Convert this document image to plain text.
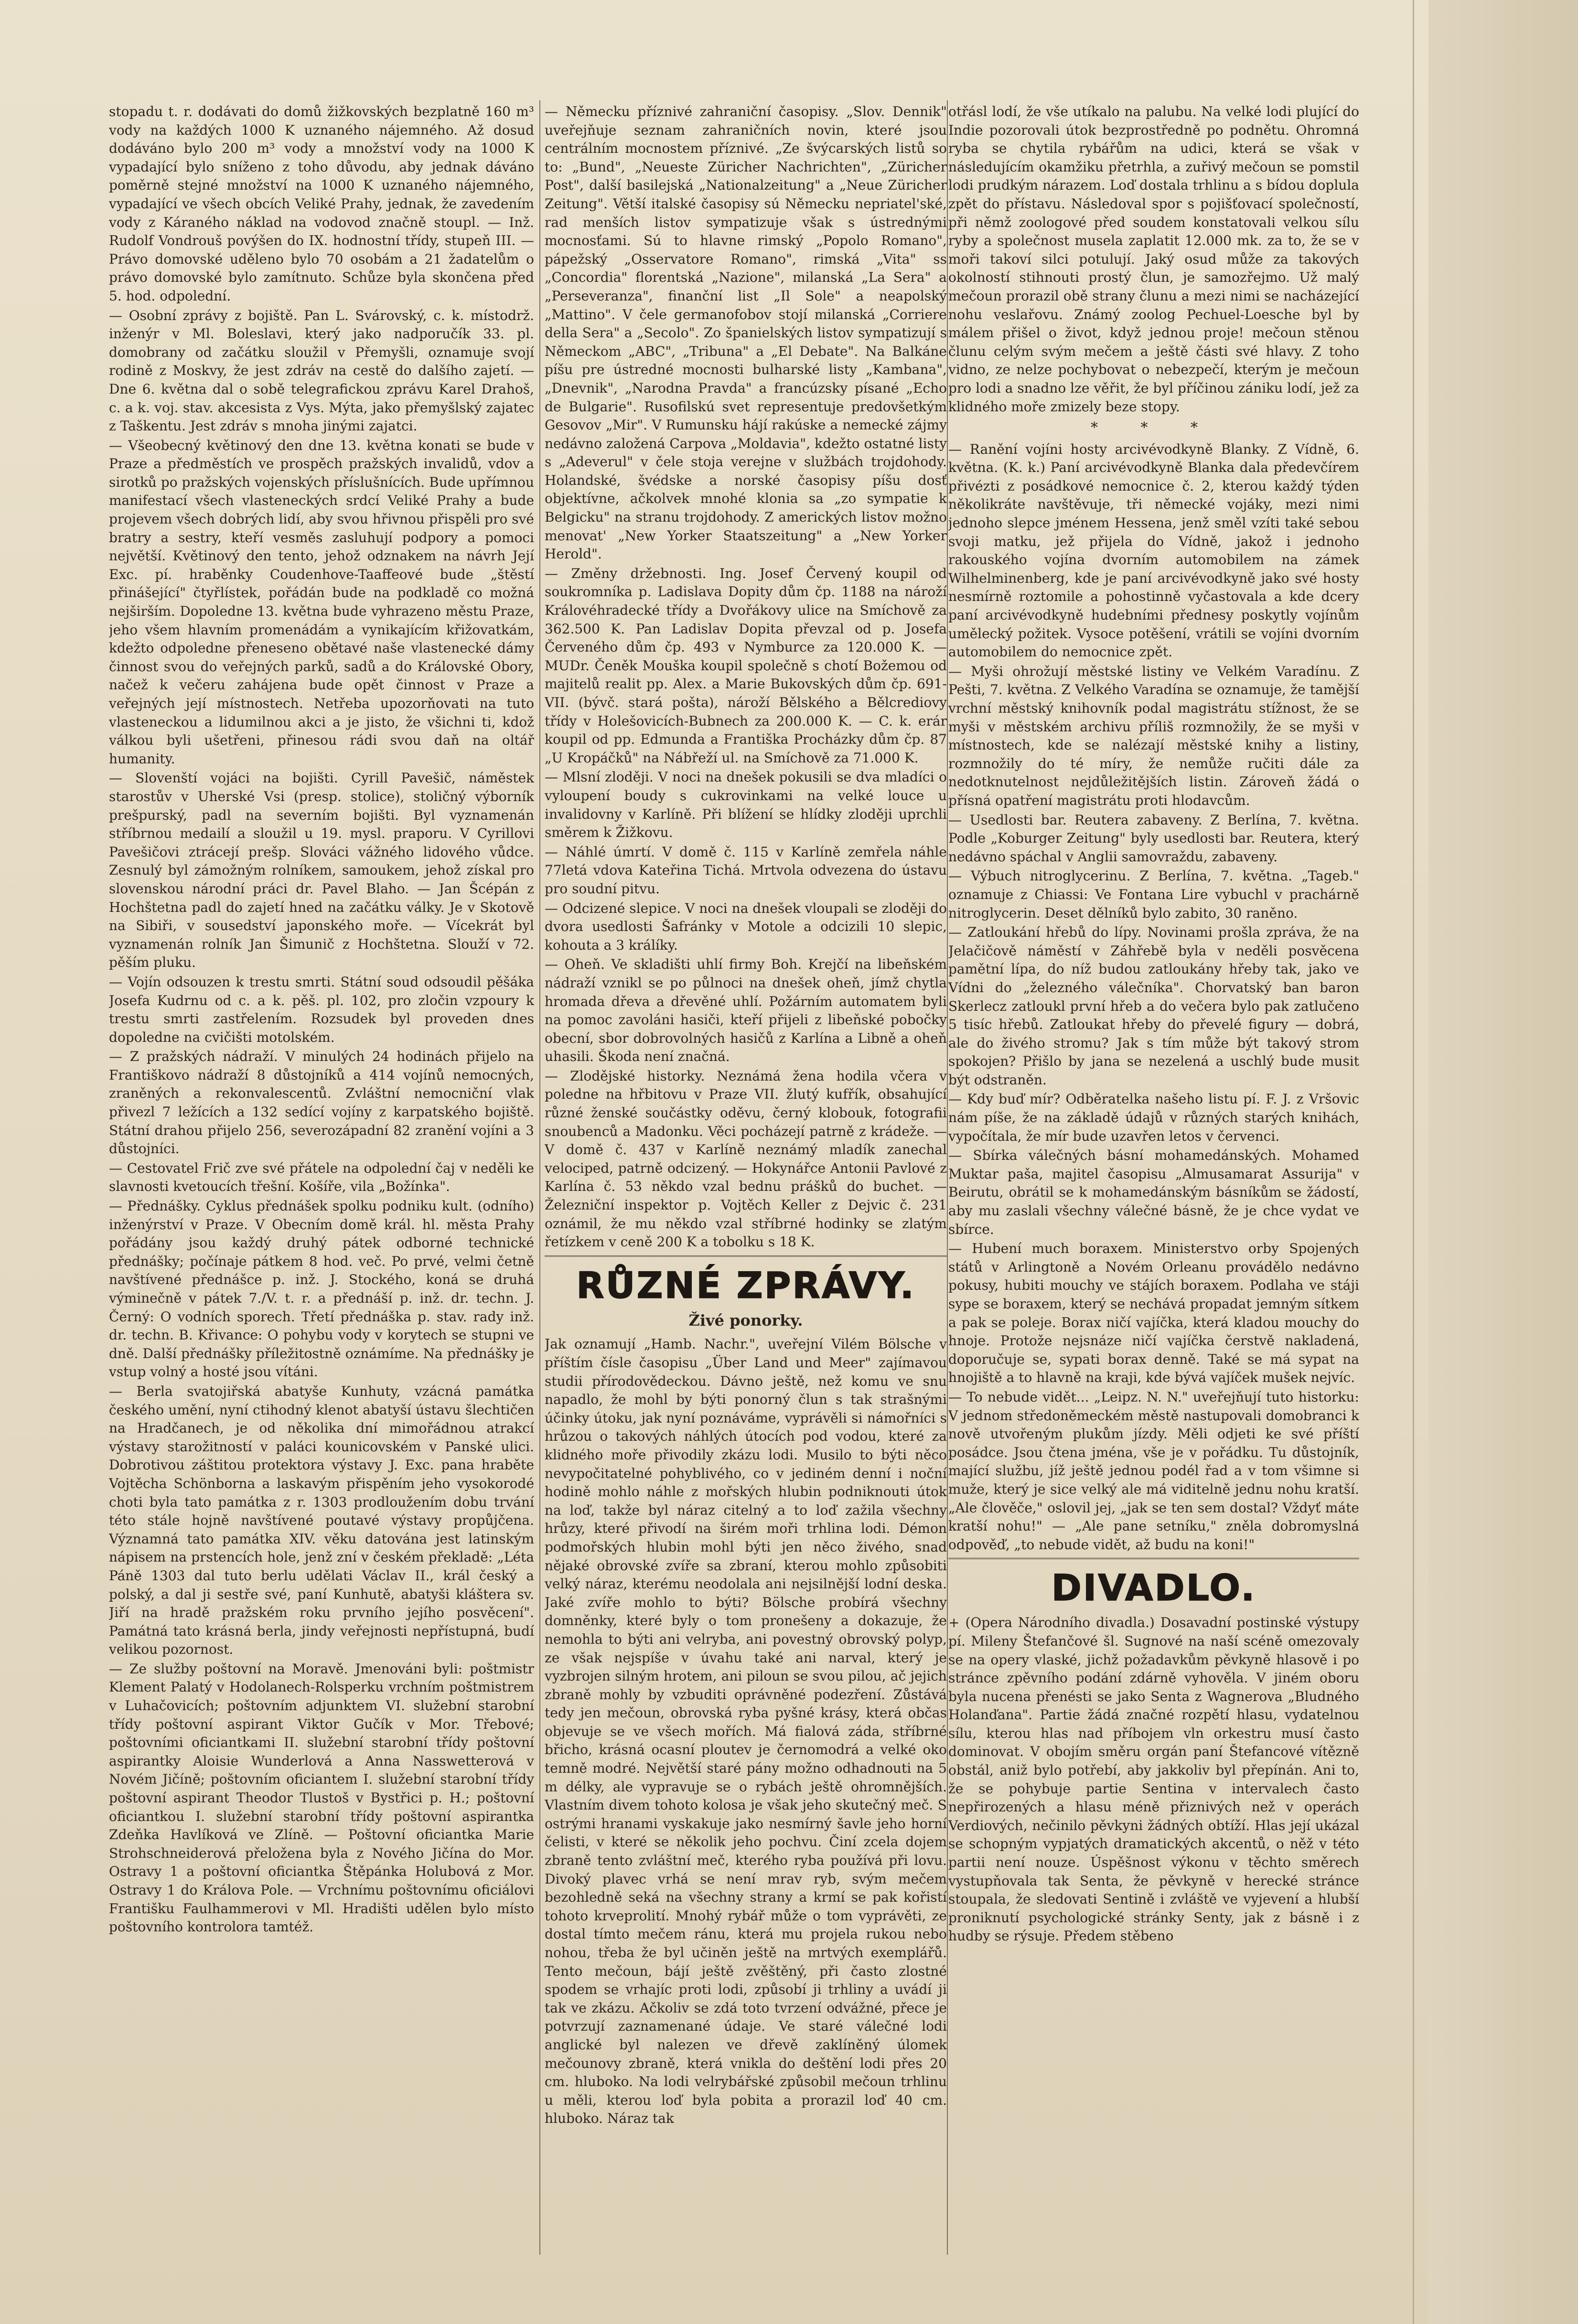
stopadu t. r. dodávati do domů žižkovských bezplatně 160 m³ vody na každých 1000 K uznaného nájemného. Až dosud dodáváno bylo 200 m³ vody a množství vody na 1000 K vypadající bylo sníženo z toho důvodu, aby jednak dáváno poměrně stejné množství na 1000 K uznaného nájemného, vypadající ve všech obcích Veliké Prahy, jednak, že zavedením vody z Káraného náklad na vodovod značně stoupl. — Inž. Rudolf Vondrouš povýšen do IX. hodnostní třídy, stupeň III. — Právo domovské uděleno bylo 70 osobám a 21 žadatelům o právo domovské bylo zamítnuto. Schůze byla skončena před 5. hod. odpolední.

— Osobní zprávy z bojiště. Pan L. Svárovský, c. k. místodrž. inženýr v Ml. Boleslavi, který jako nadporučík 33. pl. domobrany od začátku sloužil v Přemyšli, oznamuje svojí rodině z Moskvy, že jest zdráv na cestě do dalšího zajetí. — Dne 6. května dal o sobě telegrafickou zprávu Karel Drahoš, c. a k. voj. stav. akcesista z Vys. Mýta, jako přemyšlský zajatec z Taškentu. Jest zdráv s mnoha jinými zajatci.

— Všeobecný květinový den dne 13. května konati se bude v Praze a předměstích ve prospěch pražských invalidů, vdov a sirotků po pražských vojenských příslušnících. Bude upřímnou manifestací všech vlasteneckých srdcí Veliké Prahy a bude projevem všech dobrých lidí, aby svou hřivnou přispěli pro své bratry a sestry, kteří vesměs zasluhují podpory a pomoci největší. Květinový den tento, jehož odznakem na návrh Její Exc. pí. hraběnky Coudenhove-Taaffeové bude „štěstí přinášející" čtyřlístek, pořádán bude na podkladě co možná nejširším. Dopoledne 13. května bude vyhrazeno městu Praze, jeho všem hlavním promenádám a vynikajícím křižovatkám, kdežto odpoledne přeneseno obětavé naše vlastenecké dámy činnost svou do veřejných parků, sadů a do Královské Obory, načež k večeru zahájena bude opět činnost v Praze a veřejných její místnostech. Netřeba upozorňovati na tuto vlasteneckou a lidumilnou akci a je jisto, že všichni ti, kdož válkou byli ušetřeni, přinesou rádi svou daň na oltář humanity.

— Slovenští vojáci na bojišti. Cyrill Pavešič, náměstek starostův v Uherské Vsi (presp. stolice), stoličný výborník prešpurský, padl na severním bojišti. Byl vyznamenán stříbrnou medailí a sloužil u 19. mysl. praporu. V Cyrillovi Pavešičovi ztrácejí prešp. Slováci vážného lidového vůdce. Zesnulý byl zámožným rolníkem, samoukem, jehož získal pro slovenskou národní práci dr. Pavel Blaho. — Jan Šcépán z Hochštetna padl do zajetí hned na začátku války. Je v Skotově na Sibiři, v sousedství japonského moře. — Vícekrát byl vyznamenán rolník Jan Šimunič z Hochštetna. Slouží v 72. pěším pluku.

— Vojín odsouzen k trestu smrti. Státní soud odsoudil pěšáka Josefa Kudrnu od c. a k. pěš. pl. 102, pro zločin vzpoury k trestu smrti zastřelením. Rozsudek byl proveden dnes dopoledne na cvičišti motolském.

— Z pražských nádraží. V minulých 24 hodinách přijelo na Františkovo nádraží 8 důstojníků a 414 vojínů nemocných, zraněných a rekonvalescentů. Zvláštní nemocniční vlak přivezl 7 ležících a 132 sedící vojíny z karpatského bojiště. Státní drahou přijelo 256, severozápadní 82 zranění vojíni a 3 důstojníci.

— Cestovatel Frič zve své přátele na odpolední čaj v neděli ke slavnosti kvetoucích třešní. Košíře, vila „Božínka".

— Přednášky. Cyklus přednášek spolku podniku kult. (odního) inženýrství v Praze. V Obecním domě král. hl. města Prahy pořádány jsou každý druhý pátek odborné technické přednášky; počínaje pátkem 8 hod. več. Po prvé, velmi četně navštívené přednášce p. inž. J. Stockého, koná se druhá výminečně v pátek 7./V. t. r. a přednáší p. inž. dr. techn. J. Černý: O vodních sporech. Třetí přednáška p. stav. rady inž. dr. techn. B. Křivance: O pohybu vody v korytech se stupni ve dně. Další přednášky příležitostně oznámíme. Na přednášky je vstup volný a hosté jsou vítáni.

— Berla svatojiřská abatyše Kunhuty, vzácná památka českého umění, nyní ctihodný klenot abatyší ústavu šlechtičen na Hradčanech, je od několika dní mimořádnou atrakcí výstavy starožitností v paláci kounicovském v Panské ulici. Dobrotivou záštitou protektora výstavy J. Exc. pana hraběte Vojtěcha Schönborna a laskavým přispěním jeho vysokorodé choti byla tato památka z r. 1303 prodloužením dobu trvání této stále hojně navštívené poutavé výstavy propůjčena. Významná tato památka XIV. věku datována jest latinským nápisem na prstencích hole, jenž zní v českém překladě: „Léta Páně 1303 dal tuto berlu udělati Václav II., král český a polský, a dal ji sestře své, paní Kunhutě, abatyši kláštera sv. Jiří na hradě pražském roku prvního jejího posvěcení". Památná tato krásná berla, jindy veřejnosti nepřístupná, budí velikou pozornost.

— Ze služby poštovní na Moravě. Jmenováni byli: poštmistr Klement Palatý v Hodolanech-Rolsperku vrchním poštmistrem v Luhačovicích; poštovním adjunktem VI. služební starobní třídy poštovní aspirant Viktor Gučík v Mor. Třebové; poštovními oficiantkami II. služební starobní třídy poštovní aspirantky Aloisie Wunderlová a Anna Nasswetterová v Novém Jičíně; poštovním oficiantem I. služební starobní třídy poštovní aspirant Theodor Tlustoš v Bystřici p. H.; poštovní oficiantkou I. služební starobní třídy poštovní aspirantka Zdeňka Havlíková ve Zlíně. — Poštovní oficiantka Marie Strohschneiderová přeložena byla z Nového Jičína do Mor. Ostravy 1 a poštovní oficiantka Štěpánka Holubová z Mor. Ostravy 1 do Králova Pole. — Vrchnímu poštovnímu oficiálovi Františku Faulhammerovi v Ml. Hradišti udělen bylo místo poštovního kontrolora tamtéž.

— Německu příznivé zahraniční časopisy. „Slov. Dennik" uveřejňuje seznam zahraničních novin, které jsou centrálním mocnostem příznivé. „Ze švýcarských listů so to: „Bund", „Neueste Züricher Nachrichten", „Züricher Post", další basilejská „Nationalzeitung" a „Neue Züricher Zeitung". Větší italské časopisy sú Německu nepriatel'ské, rad menších listov sympatizuje však s ústrednými mocnosťami. Sú to hlavne rimský „Popolo Romano", pápežský „Osservatore Romano", rimská „Vita" ss „Concordia" florentská „Nazione", milanská „La Sera" a „Perseveranza", finanční list „Il Sole" a neapolský „Mattino". V čele germanofobov stojí milanská „Corriere della Sera" a „Secolo". Zo španielských listov sympatizují s Německom „ABC", „Tribuna" a „El Debate". Na Balkáne píšu pre ústredné mocnosti bulharské listy „Kambana", „Dnevnik", „Narodna Pravda" a francúzsky písané „Echo de Bulgarie". Rusofilskú svet representuje predovšetkým Gesovov „Mir". V Rumunsku hájí rakúske a nemecké zájmy nedávno založená Carpova „Moldavia", kdežto ostatné listy s „Adeverul" v čele stoja verejne v službách trojdohody. Holandské, švédske a norské časopisy píšu dosť objektívne, ačkolvek mnohé klonia sa „zo sympatie k Belgicku" na stranu trojdohody. Z amerických listov možno menovat' „New Yorker Staatszeitung" a „New Yorker Herold".

— Změny držebnosti. Ing. Josef Červený koupil od soukromníka p. Ladislava Dopity dům čp. 1188 na nároží Královéhradecké třídy a Dvořákovy ulice na Smíchově za 362.500 K. Pan Ladislav Dopita převzal od p. Josefa Červeného dům čp. 493 v Nymburce za 120.000 K. — MUDr. Čeněk Mouška koupil společně s chotí Božemou od majitelů realit pp. Alex. a Marie Bukovských dům čp. 691-VII. (bývč. stará pošta), nároží Bělského a Bělcrediovy třídy v Holešovicích-Bubnech za 200.000 K. — C. k. erár koupil od pp. Edmunda a Františka Procházky dům čp. 87 „U Kropáčků" na Nábřeží ul. na Smíchově za 71.000 K.

— Mlsní zloději. V noci na dnešek pokusili se dva mladíci o vyloupení boudy s cukrovinkami na velké louce u invalidovny v Karlíně. Při blížení se hlídky zloději uprchli směrem k Žižkovu.

— Náhlé úmrtí. V domě č. 115 v Karlíně zemřela náhle 77letá vdova Kateřina Tichá. Mrtvola odvezena do ústavu pro soudní pitvu.

— Odcizené slepice. V noci na dnešek vloupali se zloději do dvora usedlosti Šafránky v Motole a odcizili 10 slepic, kohouta a 3 králíky.

— Oheň. Ve skladišti uhlí firmy Boh. Krejčí na libeňském nádraží vznikl se po půlnoci na dnešek oheň, jímž chytla hromada dřeva a dřevěné uhlí. Požárním automatem byli na pomoc zavoláni hasiči, kteří přijeli z libeňské pobočky obecní, sbor dobrovolných hasičů z Karlína a Libně a oheň uhasili. Škoda není značná.

— Zlodějské historky. Neznámá žena hodila včera v poledne na hřbitovu v Praze VII. žlutý kufřík, obsahující různé ženské součástky oděvu, černý klobouk, fotografii snoubenců a Madonku. Věci pocházejí patrně z krádeže. — V domě č. 437 v Karlíně neznámý mladík zanechal velociped, patrně odcizený. — Hokynářce Antonii Pavlové z Karlína č. 53 někdo vzal bednu prášků do buchet. — Železniční inspektor p. Vojtěch Keller z Dejvic č. 231 oznámil, že mu někdo vzal stříbrné hodinky se zlatým řetízkem v ceně 200 K a tobolku s 18 K.

RŮZNÉ ZPRÁVY.
Živé ponorky.

Jak oznamují „Hamb. Nachr.", uveřejní Vilém Bölsche v příštím čísle časopisu „Über Land und Meer" zajímavou studii přírodovědeckou. Dávno ještě, než komu ve snu napadlo, že mohl by býti ponorný člun s tak strašnými účinky útoku, jak nyní poznáváme, vyprávěli si námořníci s hrůzou o takových náhlých útocích pod vodou, které za klidného moře přivodily zkázu lodi. Musilo to býti něco nevypočitatelné pohyblivého, co v jediném denní i noční hodině mohlo náhle z mořských hlubin podniknouti útok na loď, takže byl náraz citelný a to loď zažila všechny hrůzy, které přivodí na širém moři trhlina lodi. Démon podmořských hlubin mohl býti jen něco živého, snad nějaké obrovské zvíře sa zbraní, kterou mohlo způsobiti velký náraz, kterému neodolala ani nejsilnější lodní deska. Jaké zvíře mohlo to býti? Bölsche probírá všechny domněnky, které byly o tom pronešeny a dokazuje, že nemohla to býti ani velryba, ani povestný obrovský polyp, ze však nejspíše v úvahu také ani narval, který je vyzbrojen silným hrotem, ani piloun se svou pilou, ač jejich zbraně mohly by vzbuditi oprávněné podezření. Zůstává tedy jen mečoun, obrovská ryba pyšné krásy, která občas objevuje se ve všech mořích. Má fialová záda, stříbrné břicho, krásná ocasní ploutev je černomodrá a velké oko temně modré. Největší staré pány možno odhadnouti na 5 m délky, ale vypravuje se o rybách ještě ohromnějších. Vlastním divem tohoto kolosa je však jeho skutečný meč. S ostrými hranami vyskakuje jako nesmírný šavle jeho horní čelisti, v které se několik jeho pochvu. Činí zcela dojem zbraně tento zvláštní meč, kterého ryba používá při lovu. Divoký plavec vrhá se není mrav ryb, svým mečem bezohledně seká na všechny strany a krmí se pak kořistí tohoto krveprolití. Mnohý rybář může o tom vyprávěti, ze dostal tímto mečem ránu, která mu projela rukou nebo nohou, třeba že byl učiněn ještě na mrtvých exemplářů. Tento mečoun, bájí ještě zvěštěný, při často zlostné spodem se vrhajíc proti lodi, způsobí ji trhliny a uvádí ji tak ve zkázu. Ačkoliv se zdá toto tvrzení odvážné, přece je potvrzují zaznamenané údaje. Ve staré válečné lodi anglické byl nalezen ve dřevě zaklíněný úlomek mečounovy zbraně, která vnikla do deštění lodi přes 20 cm. hluboko. Na lodi velrybářské způsobil mečoun trhlinu u měli, kterou loď byla pobita a prorazil loď 40 cm. hluboko. Náraz tak

otřásl lodí, že vše utíkalo na palubu. Na velké lodi plující do Indie pozorovali útok bezprostředně po podnětu. Ohromná ryba se chytila rybářům na udici, která se však v následujícím okamžiku přetrhla, a zuřivý mečoun se pomstil lodi prudkým nárazem. Loď dostala trhlinu a s bídou doplula zpět do přístavu. Následoval spor s pojišťovací společností, při němž zoologové před soudem konstatovali velkou sílu ryby a společnost musela zaplatit 12.000 mk. za to, že se v moři takoví silci potulují. Jaký osud může za takových okolností stihnouti prostý člun, je samozřejmo. Už malý mečoun prorazil obě strany člunu a mezi nimi se nacházející nohu veslařovu. Známý zoolog Pechuel-Loesche byl by málem přišel o život, když jednou proje! mečoun stěnou člunu celým svým mečem a ještě části své hlavy. Z toho vidno, ze nelze pochybovat o nebezpečí, kterým je mečoun pro lodi a snadno lze věřit, že byl příčinou zániku lodí, jež za klidného moře zmizely beze stopy.

* * *

— Ranění vojíni hosty arcivévodkyně Blanky. Z Vídně, 6. května. (K. k.) Paní arcivévodkyně Blanka dala předevčírem přivézti z posádkové nemocnice č. 2, kterou každý týden několikráte navštěvuje, tři německé vojáky, mezi nimi jednoho slepce jménem Hessena, jenž směl vzíti také sebou svoji matku, jež přijela do Vídně, jakož i jednoho rakouského vojína dvorním automobilem na zámek Wilhelminenberg, kde je paní arcivévodkyně jako své hosty nesmírně roztomile a pohostinně vyčastovala a kde dcery paní arcivévodkyně hudebními přednesy poskytly vojínům umělecký požitek. Vysoce potěšení, vrátili se vojíni dvorním automobilem do nemocnice zpět.

— Myši ohrožují městské listiny ve Velkém Varadínu. Z Pešti, 7. května. Z Velkého Varadína se oznamuje, že tamější vrchní městský knihovník podal magistrátu stížnost, že se myši v městském archivu příliš rozmnožily, že se myši v místnostech, kde se nalézají městské knihy a listiny, rozmnožily do té míry, že nemůže ručiti dále za nedotknutelnost nejdůležitějších listin. Zároveň žádá o přísná opatření magistrátu proti hlodavcům.

— Usedlosti bar. Reutera zabaveny. Z Berlína, 7. května. Podle „Koburger Zeitung" byly usedlosti bar. Reutera, který nedávno spáchal v Anglii samovraždu, zabaveny.

— Výbuch nitroglycerinu. Z Berlína, 7. května. „Tageb." oznamuje z Chiassi: Ve Fontana Lire vybuchl v prachárně nitroglycerin. Deset dělníků bylo zabito, 30 raněno.

— Zatloukání hřebů do lípy. Novinami prošla zpráva, že na Jelačičově náměstí v Záhřebě byla v neděli posvěcena pamětní lípa, do níž budou zatloukány hřeby tak, jako ve Vídni do „železného válečníka". Chorvatský ban baron Skerlecz zatloukl první hřeb a do večera bylo pak zatlučeno 5 tisíc hřebů. Zatloukat hřeby do převelé figury — dobrá, ale do živého stromu? Jak s tím může být takový strom spokojen? Přišlo by jana se nezelená a uschlý bude musit být odstraněn.

— Kdy buď mír? Odběratelka našeho listu pí. F. J. z Vršovic nám píše, že na základě údajů v různých starých knihách, vypočítala, že mír bude uzavřen letos v červenci.

— Sbírka válečných básní mohamedánských. Mohamed Muktar paša, majitel časopisu „Almusamarat Assurija" v Beirutu, obrátil se k mohamedánským básníkům se žádostí, aby mu zaslali všechny válečné básně, že je chce vydat ve sbírce.

— Hubení much boraxem. Ministerstvo orby Spojených států v Arlingtoně a Novém Orleanu provádělo nedávno pokusy, hubiti mouchy ve stájích boraxem. Podlaha ve stáji sype se boraxem, který se nechává propadat jemným sítkem a pak se poleje. Borax ničí vajíčka, která kladou mouchy do hnoje. Protože nejsnáze ničí vajíčka čerstvě nakladená, doporučuje se, sypati borax denně. Také se má sypat na hnojiště a to hlavně na kraji, kde bývá vajíček mušek nejvíc.

— To nebude vidět... „Leipz. N. N." uveřejňují tuto historku: V jednom středoněmeckém městě nastupovali domobranci k nově utvořeným plukům jízdy. Měli odjeti ke své příští posádce. Jsou čtena jména, vše je v pořádku. Tu důstojník, mající službu, jíž ještě jednou podél řad a v tom všimne si muže, který je sice velký ale má viditelně jednu nohu kratší. „Ale člověče," oslovil jej, „jak se ten sem dostal? Vždyť máte kratší nohu!" — „Ale pane setníku," zněla dobromyslná odpověď, „to nebude vidět, až budu na koni!"

DIVADLO.

+ (Opera Národního divadla.) Dosavadní postinské výstupy pí. Mileny Štefančové šl. Sugnové na naší scéně omezovaly se na opery vlaské, jichž požadavkům pěvkyně hlasově i po stránce zpěvního podání zdárně vyhověla. V jiném oboru byla nucena přenésti se jako Senta z Wagnerova „Bludného Holanďana". Partie žádá značné rozpětí hlasu, vydatelnou sílu, kterou hlas nad příbojem vln orkestru musí často dominovat. V obojím směru orgán paní Štefancové vítězně obstál, aniž bylo potřebí, aby jakkoliv byl přepínán. Ani to, že se pohybuje partie Sentina v intervalech často nepřirozených a hlasu méně přiznivých než v operách Verdiových, nečinilo pěvkyni žádných obtíží. Hlas její ukázal se schopným vypjatých dramatických akcentů, o něž v této partii není nouze. Úspěšnost výkonu v těchto směrech vystupňovala tak Senta, že pěvkyně v herecké stránce stoupala, že sledovati Sentině i zvláště ve vyjevení a hlubší proniknutí psychologické stránky Senty, jak z básně i z hudby se rýsuje. Předem stěbeno
